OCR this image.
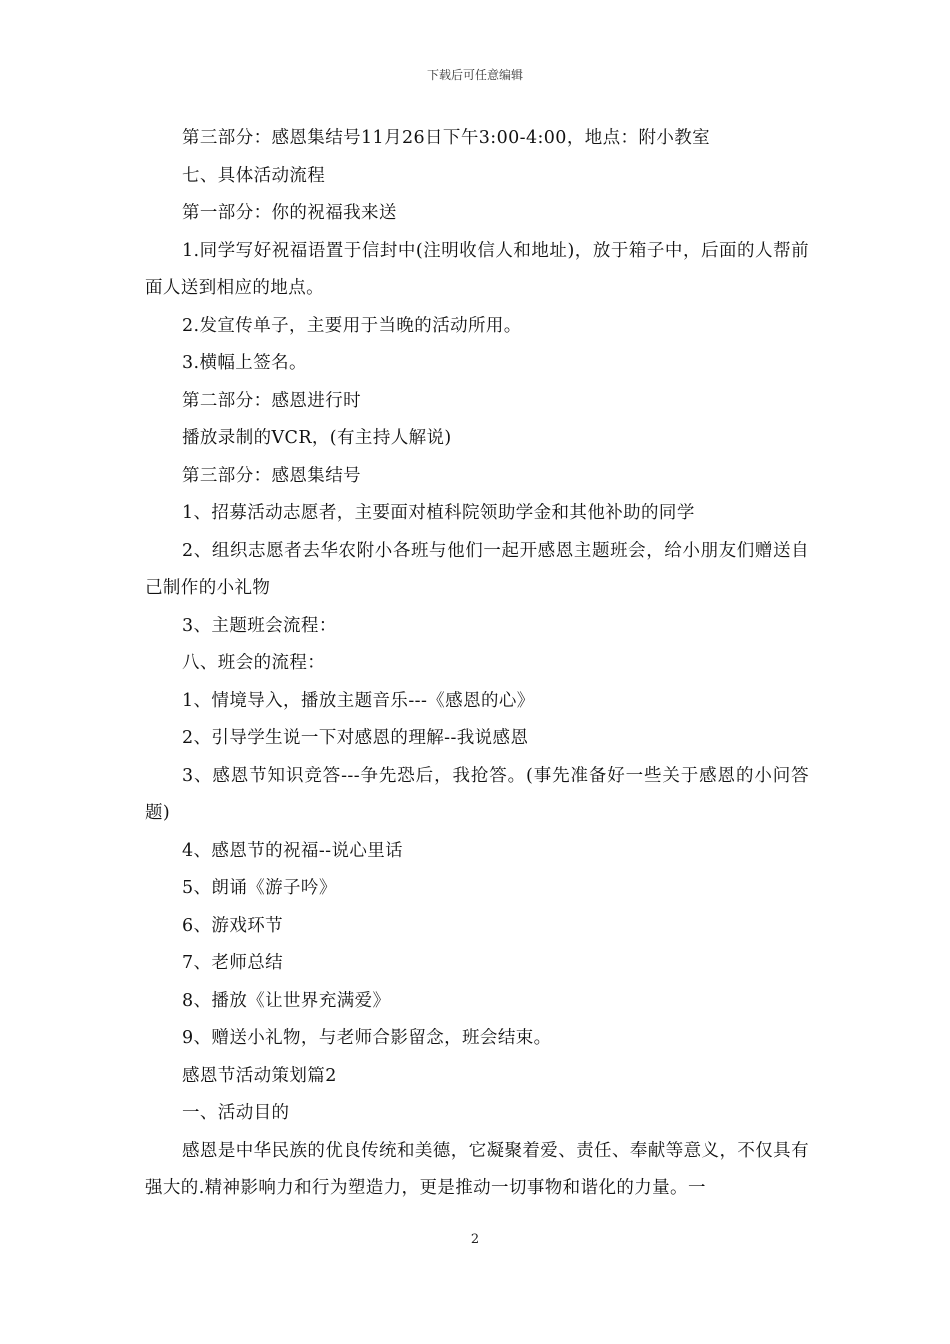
下载后可任意编辑

第三部分：感恩集结号11月26日下午3:00-4:00，地点：附小教室

七、具体活动流程

第一部分：你的祝福我来送

1.同学写好祝福语置于信封中(注明收信人和地址)，放于箱子中，后面的人帮前面人送到相应的地点。

2.发宣传单子，主要用于当晚的活动所用。

3.横幅上签名。

第二部分：感恩进行时

播放录制的VCR，(有主持人解说)

第三部分：感恩集结号

1、招募活动志愿者，主要面对植科院领助学金和其他补助的同学

2、组织志愿者去华农附小各班与他们一起开感恩主题班会，给小朋友们赠送自己制作的小礼物

3、主题班会流程：

八、班会的流程：

1、情境导入，播放主题音乐---《感恩的心》

2、引导学生说一下对感恩的理解--我说感恩

3、感恩节知识竞答---争先恐后，我抢答。(事先准备好一些关于感恩的小问答题)

4、感恩节的祝福--说心里话

5、朗诵《游子吟》

6、游戏环节

7、老师总结

8、播放《让世界充满爱》

9、赠送小礼物，与老师合影留念，班会结束。

感恩节活动策划篇2

一、活动目的

感恩是中华民族的优良传统和美德，它凝聚着爱、责任、奉献等意义，不仅具有强大的.精神影响力和行为塑造力，更是推动一切事物和谐化的力量。一

2
